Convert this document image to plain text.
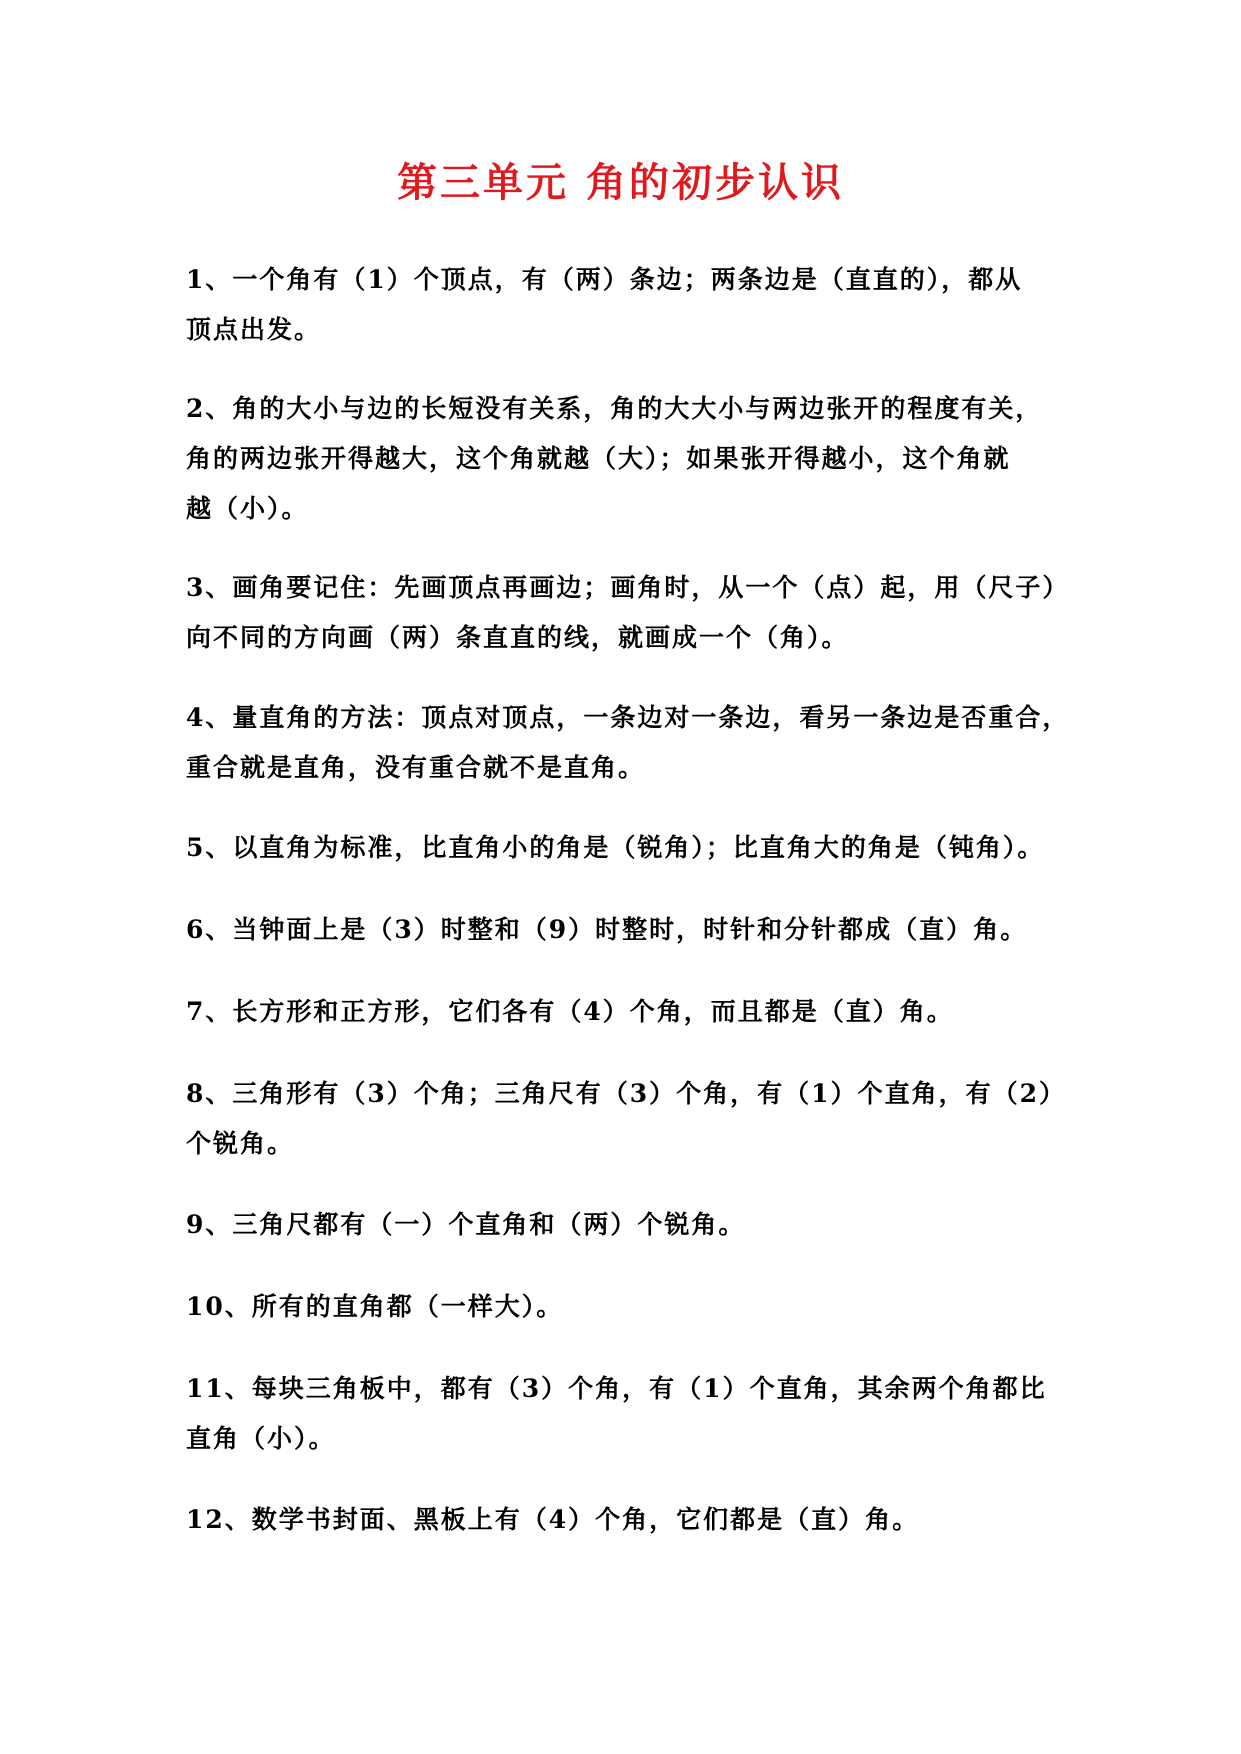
第三单元 角的初步认识

1、一个角有（1）个顶点，有（两）条边；两条边是（直直的），都从
顶点出发。

2、角的大小与边的长短没有关系，角的大大小与两边张开的程度有关，
角的两边张开得越大，这个角就越（大）；如果张开得越小，这个角就
越（小）。

3、画角要记住：先画顶点再画边；画角时，从一个（点）起，用（尺子）
向不同的方向画（两）条直直的线，就画成一个（角）。

4、量直角的方法：顶点对顶点，一条边对一条边，看另一条边是否重合，
重合就是直角，没有重合就不是直角。

5、以直角为标准，比直角小的角是（锐角）；比直角大的角是（钝角）。

6、当钟面上是（3）时整和（9）时整时，时针和分针都成（直）角。

7、长方形和正方形，它们各有（4）个角，而且都是（直）角。

8、三角形有（3）个角；三角尺有（3）个角，有（1）个直角，有（2）
个锐角。

9、三角尺都有（一）个直角和（两）个锐角。

10、所有的直角都（一样大）。

11、每块三角板中，都有（3）个角，有（1）个直角，其余两个角都比
直角（小）。

12、数学书封面、黑板上有（4）个角，它们都是（直）角。
